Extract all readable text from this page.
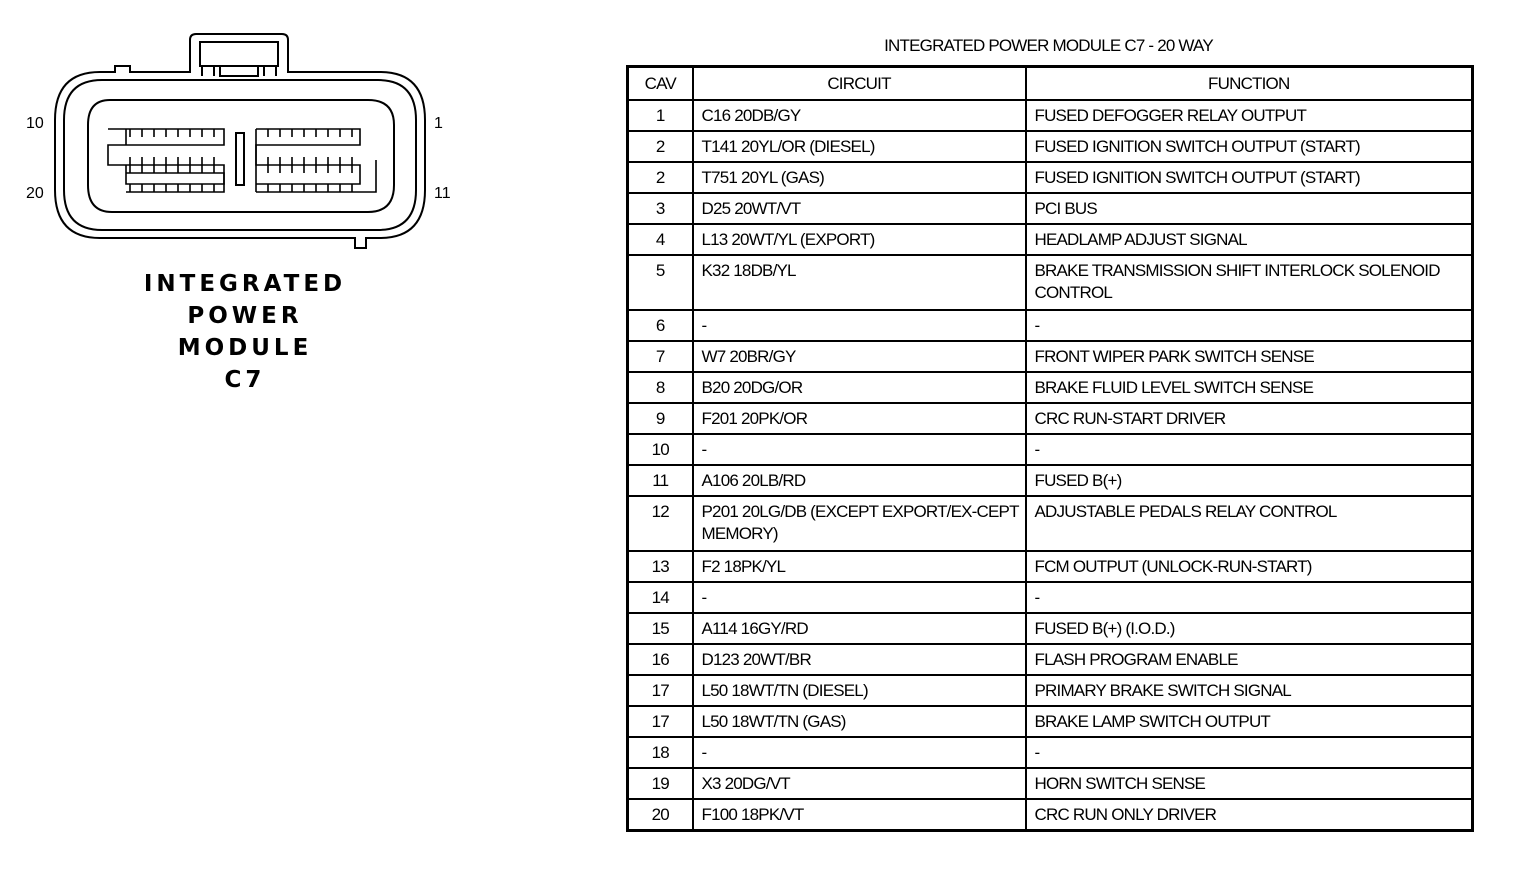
10
20
1
11
INTEGRATED
POWER
MODULE
C7
INTEGRATED POWER MODULE C7 - 20 WAY
CAV	CIRCUIT	FUNCTION
1	C16 20DB/GY	FUSED DEFOGGER RELAY OUTPUT
2	T141 20YL/OR (DIESEL)	FUSED IGNITION SWITCH OUTPUT (START)
2	T751 20YL (GAS)	FUSED IGNITION SWITCH OUTPUT (START)
3	D25 20WT/VT	PCI BUS
4	L13 20WT/YL (EXPORT)	HEADLAMP ADJUST SIGNAL
5	K32 18DB/YL	BRAKE TRANSMISSION SHIFT INTERLOCK SOLENOID CONTROL
6	-	-
7	W7 20BR/GY	FRONT WIPER PARK SWITCH SENSE
8	B20 20DG/OR	BRAKE FLUID LEVEL SWITCH SENSE
9	F201 20PK/OR	CRC RUN-START DRIVER
10	-	-
11	A106 20LB/RD	FUSED B(+)
12	P201 20LG/DB (EXCEPT EXPORT/EX-CEPT MEMORY)	ADJUSTABLE PEDALS RELAY CONTROL
13	F2 18PK/YL	FCM OUTPUT (UNLOCK-RUN-START)
14	-	-
15	A114 16GY/RD	FUSED B(+) (I.O.D.)
16	D123 20WT/BR	FLASH PROGRAM ENABLE
17	L50 18WT/TN (DIESEL)	PRIMARY BRAKE SWITCH SIGNAL
17	L50 18WT/TN (GAS)	BRAKE LAMP SWITCH OUTPUT
18	-	-
19	X3 20DG/VT	HORN SWITCH SENSE
20	F100 18PK/VT	CRC RUN ONLY DRIVER
